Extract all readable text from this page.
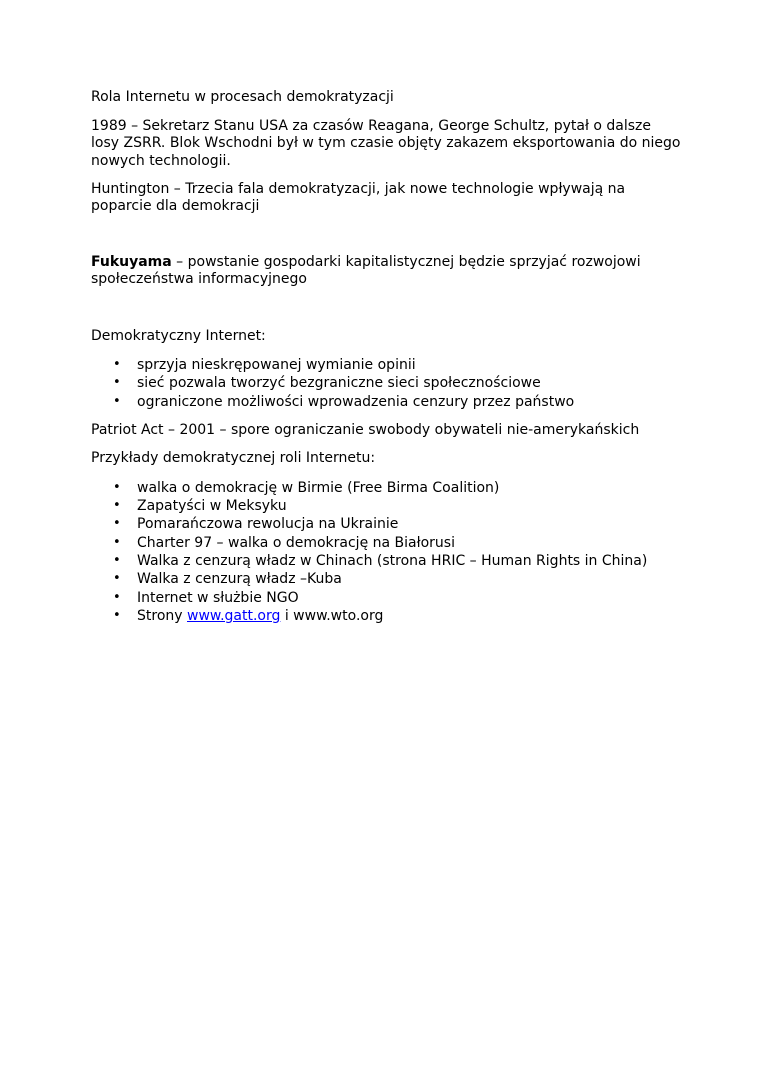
Rola Internetu w procesach demokratyzacji

1989 – Sekretarz Stanu USA za czasów Reagana, George Schultz, pytał o dalsze losy ZSRR. Blok Wschodni był w tym czasie objęty zakazem eksportowania do niego nowych technologii.

Huntington – Trzecia fala demokratyzacji, jak nowe technologie wpływają na poparcie dla demokracji

Fukuyama – powstanie gospodarki kapitalistycznej będzie sprzyjać rozwojowi społeczeństwa informacyjnego

Demokratyczny Internet:

• sprzyja nieskrępowanej wymianie opinii
• sieć pozwala tworzyć bezgraniczne sieci społecznościowe
• ograniczone możliwości wprowadzenia cenzury przez państwo

Patriot Act – 2001 – spore ograniczanie swobody obywateli nie-amerykańskich

Przykłady demokratycznej roli Internetu:

• walka o demokrację w Birmie (Free Birma Coalition)
• Zapatyści w Meksyku
• Pomarańczowa rewolucja na Ukrainie
• Charter 97 – walka o demokrację na Białorusi
• Walka z cenzurą władz w Chinach (strona HRIC – Human Rights in China)
• Walka z cenzurą władz –Kuba
• Internet w służbie NGO
• Strony www.gatt.org i www.wto.org
